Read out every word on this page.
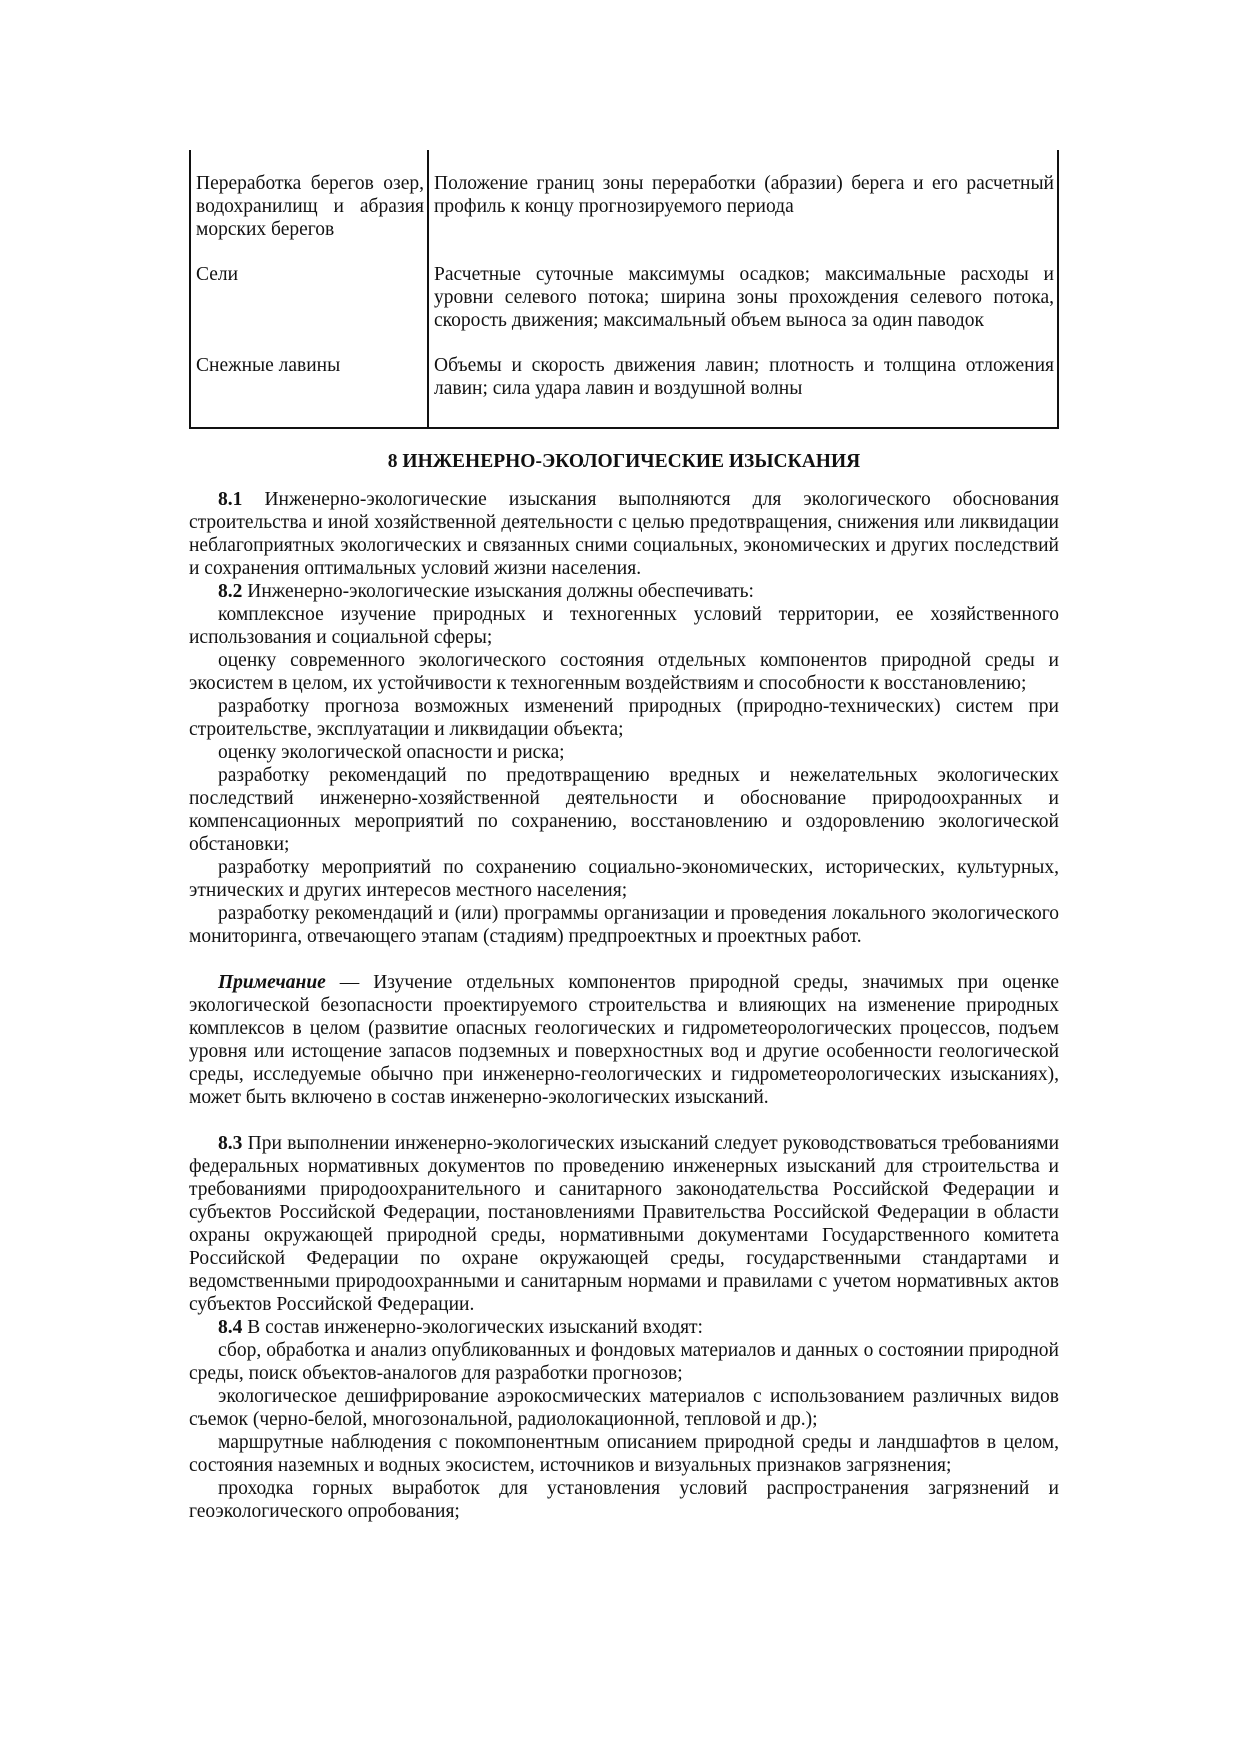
Переработка берегов озер, водохранилищ и абразия морских берегов	Положение границ зоны переработки (абразии) берега и его расчетный профиль к концу прогнозируемого периода
Сели	Расчетные суточные максимумы осадков; максимальные расходы и уровни селевого потока; ширина зоны прохождения селевого потока, скорость движения; максимальный объем выноса за один паводок
Снежные лавины	Объемы и скорость движения лавин; плотность и толщина отложения лавин; сила удара лавин и воздушной волны

8 ИНЖЕНЕРНО-ЭКОЛОГИЧЕСКИЕ ИЗЫСКАНИЯ

8.1 Инженерно-экологические изыскания выполняются для экологического обоснования строительства и иной хозяйственной деятельности с целью предотвращения, снижения или ликвидации неблагоприятных экологических и связанных сними социальных, экономических и других последствий и сохранения оптимальных условий жизни населения.

8.2 Инженерно-экологические изыскания должны обеспечивать:

комплексное изучение природных и техногенных условий территории, ее хозяйственного использования и социальной сферы;

оценку современного экологического состояния отдельных компонентов природной среды и экосистем в целом, их устойчивости к техногенным воздействиям и способности к восстановлению;

разработку прогноза возможных изменений природных (природно-технических) систем при строительстве, эксплуатации и ликвидации объекта;

оценку экологической опасности и риска;

разработку рекомендаций по предотвращению вредных и нежелательных экологических последствий инженерно-хозяйственной деятельности и обоснование природоохранных и компенсационных мероприятий по сохранению, восстановлению и оздоровлению экологической обстановки;

разработку мероприятий по сохранению социально-экономических, исторических, культурных, этнических и других интересов местного населения;

разработку рекомендаций и (или) программы организации и проведения локального экологического мониторинга, отвечающего этапам (стадиям) предпроектных и проектных работ.

Примечание — Изучение отдельных компонентов природной среды, значимых при оценке экологической безопасности проектируемого строительства и влияющих на изменение природных комплексов в целом (развитие опасных геологических и гидрометеорологических процессов, подъем уровня или истощение запасов подземных и поверхностных вод и другие особенности геологической среды, исследуемые обычно при инженерно-геологических и гидрометеорологических изысканиях), может быть включено в состав инженерно-экологических изысканий.

8.3 При выполнении инженерно-экологических изысканий следует руководствоваться требованиями федеральных нормативных документов по проведению инженерных изысканий для строительства и требованиями природоохранительного и санитарного законодательства Российской Федерации и субъектов Российской Федерации, постановлениями Правительства Российской Федерации в области охраны окружающей природной среды, нормативными документами Государственного комитета Российской Федерации по охране окружающей среды, государственными стандартами и ведомственными природоохранными и санитарным нормами и правилами с учетом нормативных актов субъектов Российской Федерации.

8.4 В состав инженерно-экологических изысканий входят:

сбор, обработка и анализ опубликованных и фондовых материалов и данных о состоянии природной среды, поиск объектов-аналогов для разработки прогнозов;

экологическое дешифрирование аэрокосмических материалов с использованием различных видов съемок (черно-белой, многозональной, радиолокационной, тепловой и др.);

маршрутные наблюдения с покомпонентным описанием природной среды и ландшафтов в целом, состояния наземных и водных экосистем, источников и визуальных признаков загрязнения;

проходка горных выработок для установления условий распространения загрязнений и геоэкологического опробования;
